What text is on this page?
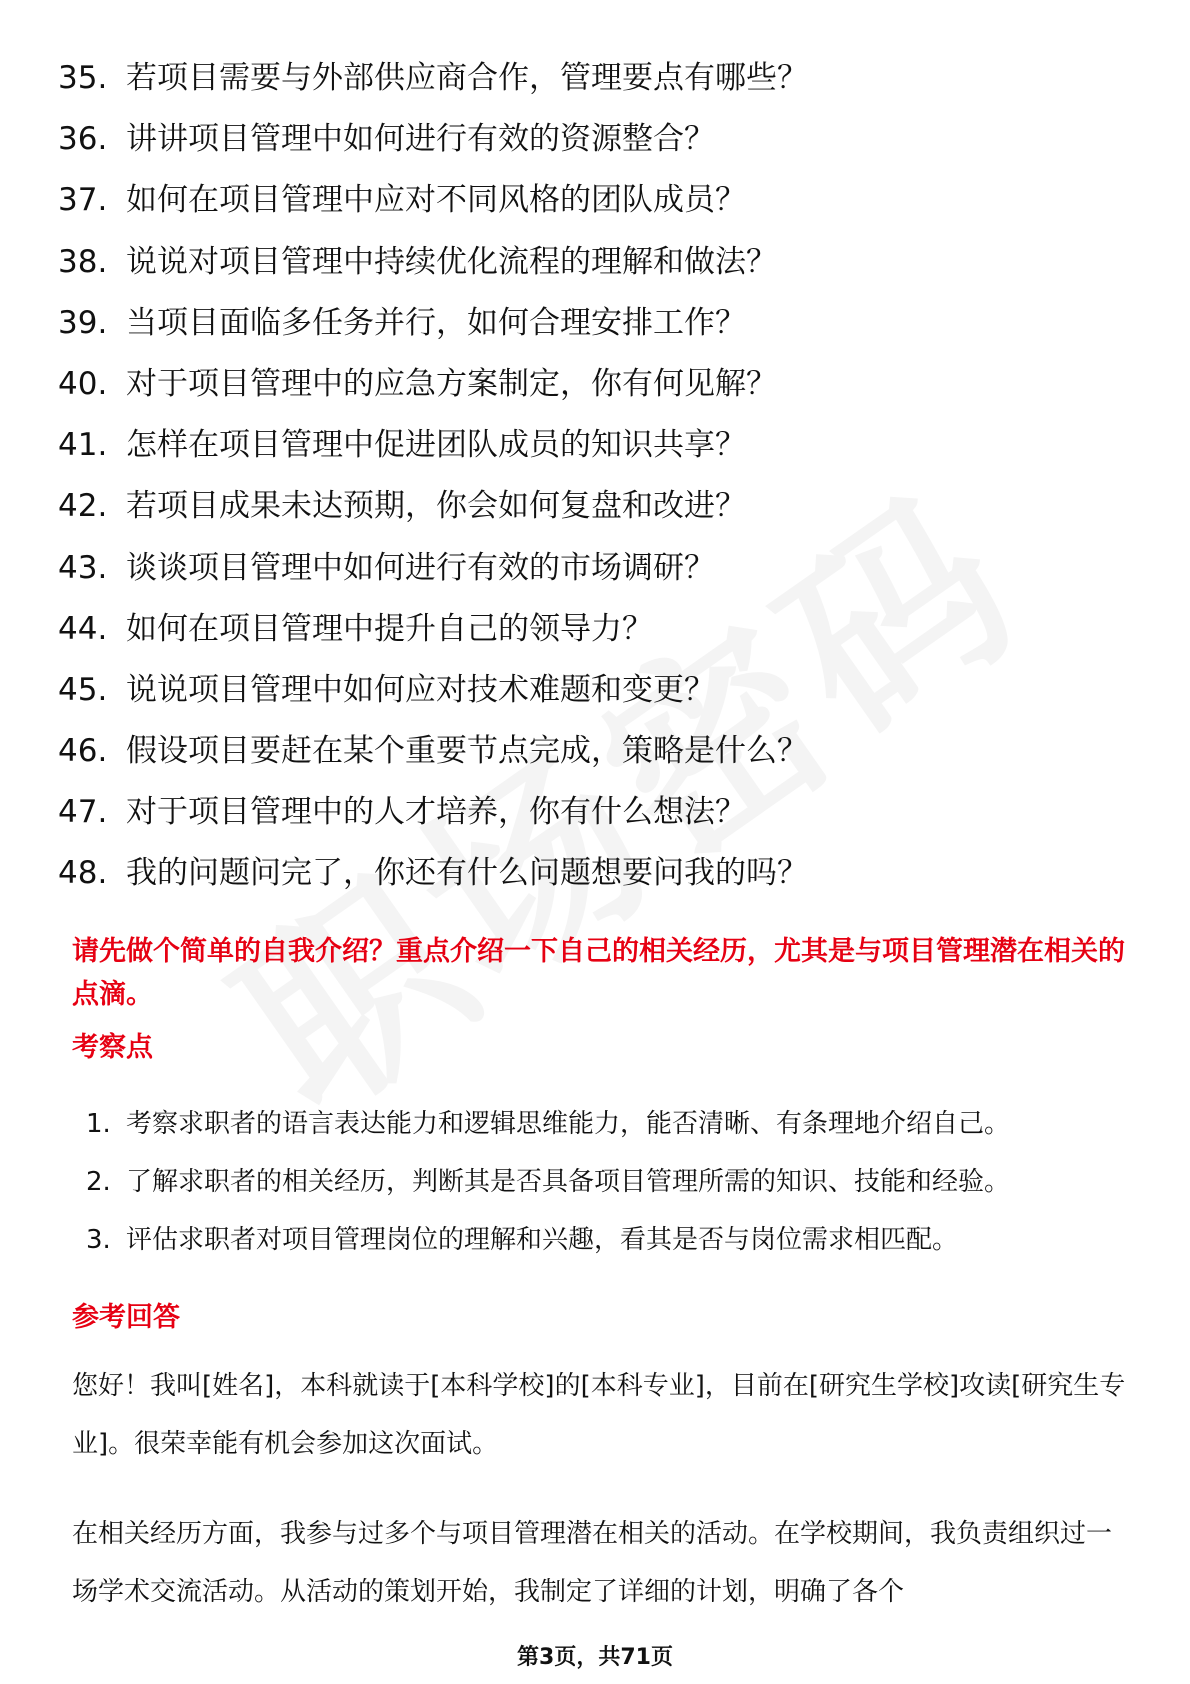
35. 若项目需要与外部供应商合作，管理要点有哪些？
36. 讲讲项目管理中如何进行有效的资源整合？
37. 如何在项目管理中应对不同风格的团队成员？
38. 说说对项目管理中持续优化流程的理解和做法？
39. 当项目面临多任务并行，如何合理安排工作？
40. 对于项目管理中的应急方案制定，你有何见解？
41. 怎样在项目管理中促进团队成员的知识共享？
42. 若项目成果未达预期，你会如何复盘和改进？
43. 谈谈项目管理中如何进行有效的市场调研？
44. 如何在项目管理中提升自己的领导力？
45. 说说项目管理中如何应对技术难题和变更？
46. 假设项目要赶在某个重要节点完成，策略是什么？
47. 对于项目管理中的人才培养，你有什么想法？
48. 我的问题问完了，你还有什么问题想要问我的吗？
请先做个简单的自我介绍？重点介绍一下自己的相关经历，尤其是与项目管理潜在相关的点滴。
考察点
1. 考察求职者的语言表达能力和逻辑思维能力，能否清晰、有条理地介绍自己。
2. 了解求职者的相关经历，判断其是否具备项目管理所需的知识、技能和经验。
3. 评估求职者对项目管理岗位的理解和兴趣，看其是否与岗位需求相匹配。
参考回答

您好！我叫[姓名]，本科就读于[本科学校]的[本科专业]，目前在[研究生学校]攻读[研究生专业]。很荣幸能有机会参加这次面试。

在相关经历方面，我参与过多个与项目管理潜在相关的活动。在学校期间，我负责组织过一场学术交流活动。从活动的策划开始，我制定了详细的计划，明确了各个

第3页，共71页
